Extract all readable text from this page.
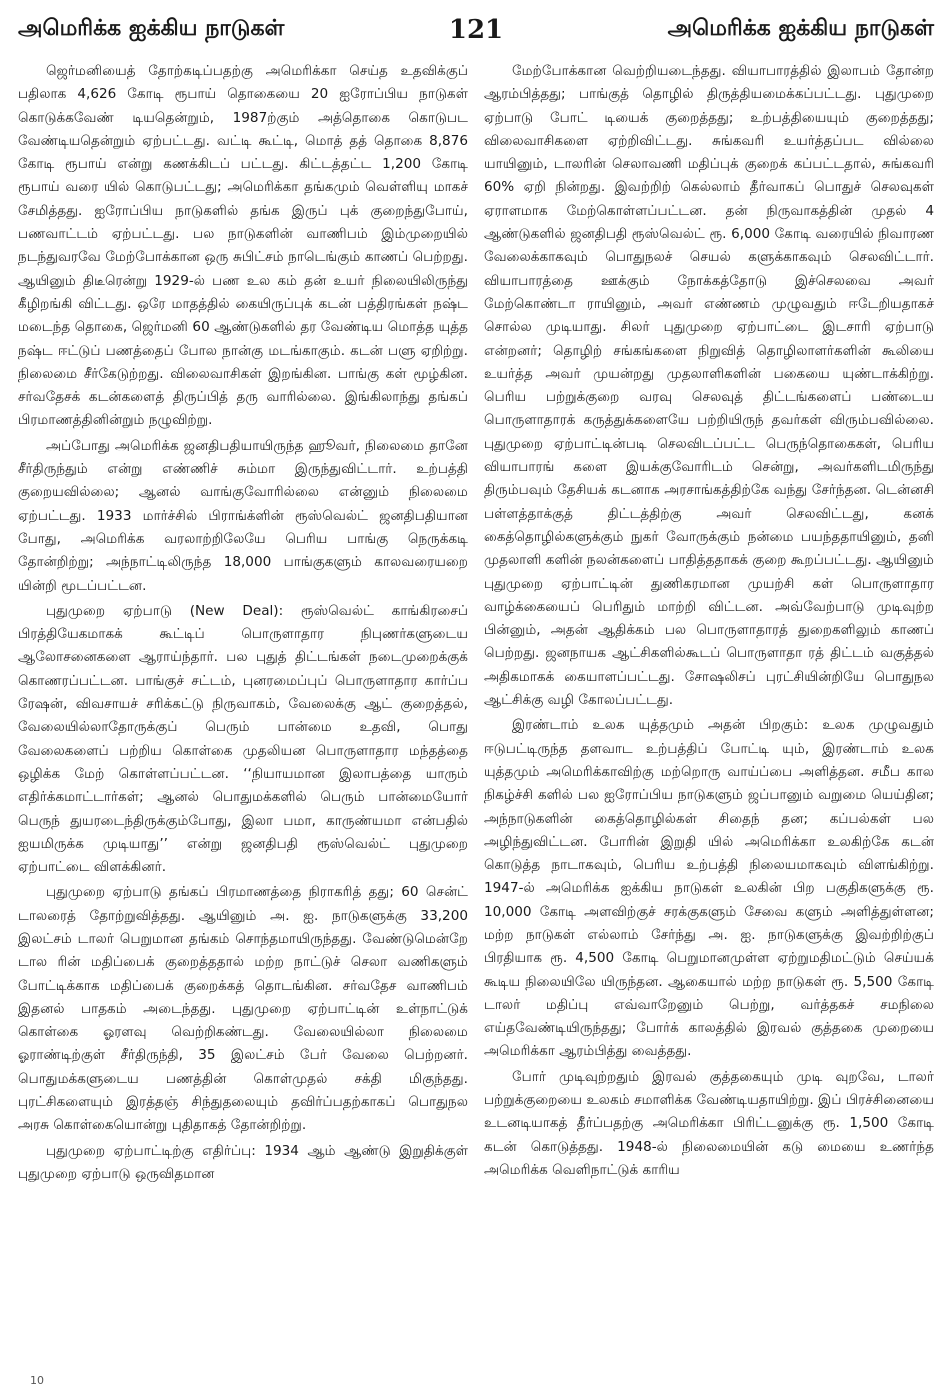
அமெரிக்க ஐக்கிய நாடுகள்	121	அமெரிக்க ஐக்கிய நாடுகள்

ஜெர்மனியைத் தோற்கடிப்பதற்கு அமெரிக்கா செய்த உதவிக்குப் பதிலாக 4,626 கோடி ரூபாய் தொகையை 20 ஐரோப்பிய நாடுகள் கொடுக்கவேண் டியதென்றும், 1987ற்கும் அத்தொகை கொடுபட வேண்டியதென்றும் ஏற்பட்டது. வட்டி கூட்டி, மொத் தத் தொகை 8,876 கோடி ரூபாய் என்று கணக்கிடப் பட்டது. கிட்டத்தட்ட 1,200 கோடி ரூபாய் வரை யில் கொடுபட்டது; அமெரிக்கா தங்கமும் வெள்ளியு மாகச் சேமித்தது. ஐரோப்பிய நாடுகளில் தங்க இருப் புக் குறைந்துபோய், பணவாட்டம் ஏற்பட்டது. பல நாடுகளின் வாணிபம் இம்முறையில் நடந்துவரவே மேற்போக்கான ஒரு சுபிட்சம் நாடெங்கும் காணப் பெற்றது. ஆயினும் திடீரென்று 1929-ல் பண உல கம் தன் உயர் நிலையிலிருந்து கீழிறங்கி விட்டது. ஒரே மாதத்தில் கையிருப்புக் கடன் பத்திரங்கள் நஷ்ட மடைந்த தொகை, ஜெர்மனி 60 ஆண்டுகளில் தர வேண்டிய மொத்த யுத்த நஷ்ட ஈட்டுப் பணத்தைப் போல நான்கு மடங்காகும். கடன் பளு ஏறிற்று. நிலைமை சீர்கேடுற்றது. விலைவாசிகள் இறங்கின. பாங்கு கள் மூழ்கின. சர்வதேசக் கடன்களைத் திருப்பித் தரு வாரில்லை. இங்கிலாந்து தங்கப் பிரமாணத்தினின்றும் நழுவிற்று.

அப்போது அமெரிக்க ஜனதிபதியாயிருந்த ஹூவர், நிலைமை தானே சீர்திருந்தும் என்று எண்ணிச் சும்மா இருந்துவிட்டார். உற்பத்தி குறையவில்லை; ஆனல் வாங்குவோரில்லை என்னும் நிலைமை ஏற்பட்டது. 1933 மார்ச்சில் பிராங்க்ளின் ரூஸ்வெல்ட் ஜனதிபதியான போது, அமெரிக்க வரலாற்றிலேயே பெரிய பாங்கு நெருக்கடி தோன்றிற்று; அந்நாட்டிலிருந்த 18,000 பாங்குகளும் காலவரையறை யின்றி மூடப்பட்டன.

புதுமுறை ஏற்பாடு (New Deal): ரூஸ்வெல்ட் காங்கிரசைப் பிரத்தியேகமாகக் கூட்டிப் பொருளாதார நிபுணர்களுடைய ஆலோசனைகளை ஆராய்ந்தார். பல புதுத் திட்டங்கள் நடைமுறைக்குக் கொணரப்பட்டன. பாங்குச் சட்டம், புனரமைப்புப் பொருளாதார கார்ப்ப ரேஷன், விவசாயச் சரிக்கட்டு நிருவாகம், வேலைக்கு ஆட் குறைத்தல், வேலையில்லாதோருக்குப் பெரும் பான்மை உதவி, பொது வேலைகளைப் பற்றிய கொள்கை முதலியன பொருளாதார மந்தத்தை ஒழிக்க மேற் கொள்ளப்பட்டன. ‘‘நியாயமான இலாபத்தை யாரும் எதிர்க்கமாட்டார்கள்; ஆனல் பொதுமக்களில் பெரும் பான்மையோர் பெருந் துயரடைந்திருக்கும்போது, இலா பமா, காருண்யமா என்பதில் ஐயமிருக்க முடியாது’’ என்று ஜனதிபதி ரூஸ்வெல்ட் புதுமுறை ஏற்பாட்டை விளக்கினர்.

புதுமுறை ஏற்பாடு தங்கப் பிரமாணத்தை நிராகரித் தது; 60 சென்ட் டாலரைத் தோற்றுவித்தது. ஆயினும் அ. ஐ. நாடுகளுக்கு 33,200 இலட்சம் டாலர் பெறுமான தங்கம் சொந்தமாயிருந்தது. வேண்டுமென்றே டால ரின் மதிப்பைக் குறைத்ததால் மற்ற நாட்டுச் செலா வணிகளும் போட்டிக்காக மதிப்பைக் குறைக்கத் தொடங்கின. சர்வதேச வாணிபம் இதனல் பாதகம் அடைந்தது. புதுமுறை ஏற்பாட்டின் உள்நாட்டுக் கொள்கை ஓரளவு வெற்றிகண்டது. வேலையில்லா நிலைமை ஓராண்டிற்குள் சீர்திருந்தி, 35 இலட்சம் பேர் வேலை பெற்றனர். பொதுமக்களுடைய பணத்தின் கொள்முதல் சக்தி மிகுந்தது. புரட்சிகளையும் இரத்தஞ் சிந்துதலையும் தவிர்ப்பதற்காகப் பொதுநல அரசு கொள்கையொன்று புதிதாகத் தோன்றிற்று.

புதுமுறை ஏற்பாட்டிற்கு எதிர்ப்பு: 1934 ஆம் ஆண்டு இறுதிக்குள் புதுமுறை ஏற்பாடு ஒருவிதமான

மேற்போக்கான வெற்றியடைந்தது. வியாபாரத்தில் இலாபம் தோன்ற ஆரம்பித்தது; பாங்குத் தொழில் திருத்தியமைக்கப்பட்டது. புதுமுறை ஏற்பாடு போட் டியைக் குறைத்தது; உற்பத்தியையும் குறைத்தது; விலைவாசிகளை ஏற்றிவிட்டது. சுங்கவரி உயர்த்தப்பட வில்லை யாயினும், டாலரின் செலாவணி மதிப்புக் குறைக் கப்பட்டதால், சுங்கவரி 60% ஏறி நின்றது. இவற்றிற் கெல்லாம் தீர்வாகப் பொதுச் செலவுகள் ஏராளமாக மேற்கொள்ளப்பட்டன. தன் நிருவாகத்தின் முதல் 4 ஆண்டுகளில் ஜனதிபதி ரூஸ்வெல்ட் ரூ. 6,000 கோடி வரையில் நிவாரண வேலைக்காகவும் பொதுநலச் செயல் களுக்காகவும் செலவிட்டார். வியாபாரத்தை ஊக்கும் நோக்கத்தோடு இச்செலவை அவர் மேற்கொண்டா ராயினும், அவர் எண்ணம் முழுவதும் ஈடேறியதாகச் சொல்ல முடியாது. சிலர் புதுமுறை ஏற்பாட்டை இடசாரி ஏற்பாடு என்றனர்; தொழிற் சங்கங்களை நிறுவித் தொழிலாளர்களின் கூலியை உயர்த்த அவர் முயன்றது முதலாளிகளின் பகையை யுண்டாக்கிற்று. பெரிய பற்றுக்குறை வரவு செலவுத் திட்டங்களைப் பண்டைய பொருளாதாரக் கருத்துக்களையே பற்றியிருந் தவர்கள் விரும்பவில்லை. புதுமுறை ஏற்பாட்டின்படி செலவிடப்பட்ட பெருந்தொகைகள், பெரிய வியாபாரங் களை இயக்குவோரிடம் சென்று, அவர்களிடமிருந்து திரும்பவும் தேசியக் கடனாக அரசாங்கத்திற்கே வந்து சேர்ந்தன. டென்னசி பள்ளத்தாக்குத் திட்டத்திற்கு அவர் செலவிட்டது, கனக் கைத்தொழில்களுக்கும் நுகர் வோருக்கும் நன்மை பயந்ததாயினும், தனி முதலாளி களின் நலன்களைப் பாதித்ததாகக் குறை கூறப்பட்டது. ஆயினும் புதுமுறை ஏற்பாட்டின் துணிகரமான முயற்சி கள் பொருளாதார வாழ்க்கையைப் பெரிதும் மாற்றி விட்டன. அவ்வேற்பாடு முடிவுற்ற பின்னும், அதன் ஆதிக்கம் பல பொருளாதாரத் துறைகளிலும் காணப் பெற்றது. ஜனநாயக ஆட்சிகளில்கூடப் பொருளாதா ரத் திட்டம் வகுத்தல் அதிகமாகக் கையாளப்பட்டது. சோஷலிசப் புரட்சியின்றியே பொதுநல ஆட்சிக்கு வழி கோலப்பட்டது.

இரண்டாம் உலக யுத்தமும் அதன் பிறகும்: உலக முழுவதும் ஈடுபட்டிருந்த தளவாட உற்பத்திப் போட்டி யும், இரண்டாம் உலக யுத்தமும் அமெரிக்காவிற்கு மற்றொரு வாய்ப்பை அளித்தன. சமீப கால நிகழ்ச்சி களில் பல ஐரோப்பிய நாடுகளும் ஜப்பானும் வறுமை யெய்தின; அந்நாடுகளின் கைத்தொழில்கள் சிதைந் தன; கப்பல்கள் பல அழிந்துவிட்டன. போரின் இறுதி யில் அமெரிக்கா உலகிற்கே கடன் கொடுத்த நாடாகவும், பெரிய உற்பத்தி நிலையமாகவும் விளங்கிற்று. 1947-ல் அமெரிக்க ஐக்கிய நாடுகள் உலகின் பிற பகுதிகளுக்கு ரூ. 10,000 கோடி அளவிற்குச் சரக்குகளும் சேவை களும் அளித்துள்ளன; மற்ற நாடுகள் எல்லாம் சேர்ந்து அ. ஐ. நாடுகளுக்கு இவற்றிற்குப் பிரதியாக ரூ. 4,500 கோடி பெறுமானமுள்ள ஏற்றுமதிமட்டும் செய்யக் கூடிய நிலையிலே யிருந்தன. ஆகையால் மற்ற நாடுகள் ரூ. 5,500 கோடி டாலர் மதிப்பு எவ்வாறேனும் பெற்று, வர்த்தகச் சமநிலை எய்தவேண்டியிருந்தது; போர்க் காலத்தில் இரவல் குத்தகை முறையை அமெரிக்கா ஆரம்பித்து வைத்தது.

போர் முடிவுற்றதும் இரவல் குத்தகையும் முடி வுறவே, டாலர் பற்றுக்குறையை உலகம் சமாளிக்க வேண்டியதாயிற்று. இப் பிரச்சினையை உடனடியாகத் தீர்ப்பதற்கு அமெரிக்கா பிரிட்டனுக்கு ரூ. 1,500 கோடி கடன் கொடுத்தது. 1948-ல் நிலைமையின் கடு மையை உணர்ந்த அமெரிக்க வெளிநாட்டுக் காரிய

10
